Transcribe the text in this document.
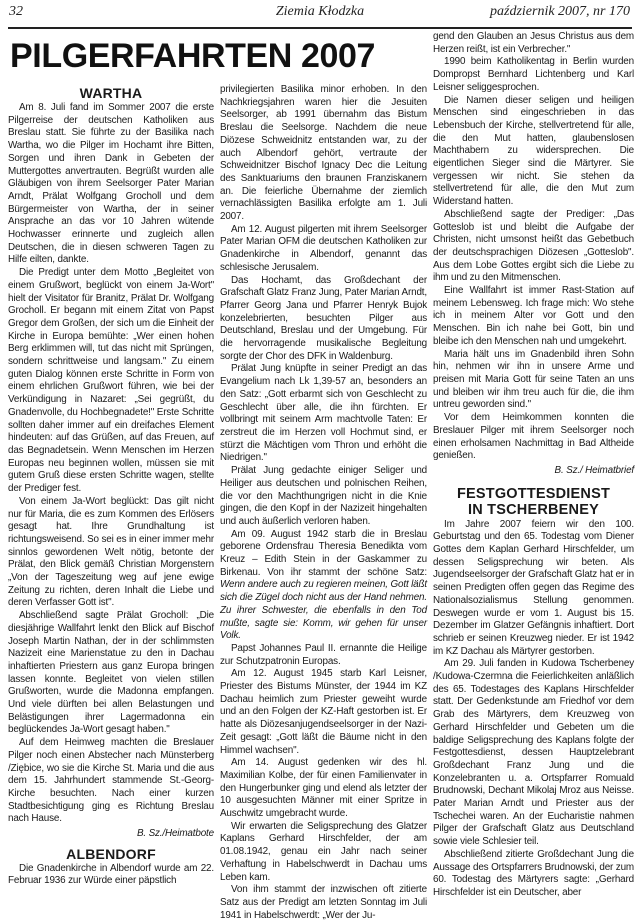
32	Ziemia Kłodzka	październik 2007, nr 170
PILGERFAHRTEN 2007
WARTHA

Am 8. Juli fand im Sommer 2007 die erste Pilgerreise der deutschen Katholiken aus Breslau statt. Sie führte zu der Basilika nach Wartha, wo die Pilger im Hochamt ihre Bitten, Sorgen und ihren Dank in Gebeten der Muttergottes anvertrauten. Begrüßt wurden alle Gläubigen von ihrem Seelsorger Pater Marian Arndt, Prälat Wolfgang Grocholl und dem Bürgermeister von Wartha, der in seiner Ansprache an das vor 10 Jahren wütende Hochwasser erinnerte und zugleich allen Deutschen, die in diesen schweren Tagen zu Hilfe eilten, dankte.

Die Predigt unter dem Motto „Begleitet von einem Grußwort, beglückt von einem Ja-Wort" hielt der Visitator für Branitz, Prälat Dr. Wolfgang Grocholl. Er begann mit einem Zitat von Papst Gregor dem Großen, der sich um die Einheit der Kirche in Europa bemühte: „Wer einen hohen Berg erklimmen will, tut das nicht mit Sprüngen, sondern schrittweise und langsam." Zu einem guten Dialog können erste Schritte in Form von einem ehrlichen Grußwort führen, wie bei der Verkündigung in Nazaret: „Sei gegrüßt, du Gnadenvolle, du Hochbegnadete!" Erste Schritte sollten daher immer auf ein dreifaches Element hindeuten: auf das Grüßen, auf das Freuen, auf das Begnadetsein. Wenn Menschen im Herzen Europas neu beginnen wollen, müssen sie mit gutem Gruß diese ersten Schritte wagen, stellte der Prediger fest.

Von einem Ja-Wort beglückt: Das gilt nicht nur für Maria, die es zum Kommen des Erlösers gesagt hat. Ihre Grundhaltung ist richtungsweisend. So sei es in einer immer mehr sinnlos gewordenen Welt nötig, betonte der Prälat, den Blick gemäß Christian Morgenstern „Von der Tageszeitung weg auf jene ewige Zeitung zu richten, deren Inhalt die Liebe und deren Verfasser Gott ist".

Abschließend sagte Prälat Grocholl: „Die diesjährige Wallfahrt lenkt den Blick auf Bischof Joseph Martin Nathan, der in der schlimmsten Nazizeit eine Marienstatue zu den in Dachau inhaftierten Priestern aus ganz Europa bringen lassen konnte. Begleitet von vielen stillen Grußworten, wurde die Madonna empfangen. Und viele dürften bei allen Belastungen und Belästigungen ihrer Lagermadonna ein beglückendes Ja-Wort gesagt haben."

Auf dem Heimweg machten die Breslauer Pilger noch einen Abstecher nach Münsterberg /Ziębice, wo sie die Kirche St. Maria und die aus dem 15. Jahrhundert stammende St.-Georg-Kirche besuchten. Nach einer kurzen Stadtbesichtigung ging es Richtung Breslau nach Hause.

B. Sz./Heimatbote
ALBENDORF

Die Gnadenkirche in Albendorf wurde am 22. Februar 1936 zur Würde einer päpstlich

privilegierten Basilika minor erhoben. In den Nachkriegsjahren waren hier die Jesuiten Seelsorger, ab 1991 übernahm das Bistum Breslau die Seelsorge. Nachdem die neue Diözese Schweidnitz entstanden war, zu der auch Albendorf gehört, vertraute der Schweidnitzer Bischof Ignacy Dec die Leitung des Sanktuariums den braunen Franziskanern an. Die feierliche Übernahme der ziemlich vernachlässigten Basilika erfolgte am 1. Juli 2007.

Am 12. August pilgerten mit ihrem Seelsorger Pater Marian OFM die deutschen Katholiken zur Gnadenkirche in Albendorf, genannt das schlesische Jerusalem.

Das Hochamt, das Großdechant der Grafschaft Glatz Franz Jung, Pater Marian Arndt, Pfarrer Georg Jana und Pfarrer Henryk Bujok konzelebrierten, besuchten Pilger aus Deutschland, Breslau und der Umgebung. Für die hervorragende musikalische Begleitung sorgte der Chor des DFK in Waldenburg.

Prälat Jung knüpfte in seiner Predigt an das Evangelium nach Lk 1,39-57 an, besonders an den Satz: „Gott erbarmt sich von Geschlecht zu Geschlecht über alle, die ihn fürchten. Er vollbringt mit seinem Arm machtvolle Taten: Er zerstreut die im Herzen voll Hochmut sind, er stürzt die Mächtigen vom Thron und erhöht die Niedrigen."

Prälat Jung gedachte einiger Seliger und Heiliger aus deutschen und polnischen Reihen, die vor den Machthungrigen nicht in die Knie gingen, die den Kopf in der Nazizeit hingehalten und auch äußerlich verloren haben.

Am 09. August 1942 starb die in Breslau geborene Ordensfrau Theresia Benedikta vom Kreuz – Edith Stein in der Gaskammer zu Birkenau. Von ihr stammt der schöne Satz: Wenn andere auch zu regieren meinen, Gott läßt sich die Zügel doch nicht aus der Hand nehmen. Zu ihrer Schwester, die ebenfalls in den Tod mußte, sagte sie: Komm, wir gehen für unser Volk.

Papst Johannes Paul II. ernannte die Heilige zur Schutzpatronin Europas.

Am 12. August 1945 starb Karl Leisner, Priester des Bistums Münster, der 1944 im KZ Dachau heimlich zum Priester geweiht wurde und an den Folgen der KZ-Haft gestorben ist. Er hatte als Diözesanjugendseelsorger in der Nazi-Zeit gesagt: „Gott läßt die Bäume nicht in den Himmel wachsen".

Am 14. August gedenken wir des hl. Maximilian Kolbe, der für einen Familienvater in den Hungerbunker ging und elend als letzter der 10 ausgesuchten Männer mit einer Spritze in Auschwitz umgebracht wurde.

Wir erwarten die Seligsprechung des Glatzer Kaplans Gerhard Hirschfelder, der am 01.08.1942, genau ein Jahr nach seiner Verhaftung in Habelschwerdt in Dachau ums Leben kam.

Von ihm stammt der inzwischen oft zitierte Satz aus der Predigt am letzten Sonntag im Juli 1941 in Habelschwerdt: „Wer der Ju-

gend den Glauben an Jesus Christus aus dem Herzen reißt, ist ein Verbrecher."

1990 beim Katholikentag in Berlin wurden Dompropst Bernhard Lichtenberg und Karl Leisner seliggesprochen.

Die Namen dieser seligen und heiligen Menschen sind eingeschrieben in das Lebensbuch der Kirche, stellvertretend für alle, die den Mut hatten, glaubenslosen Machthabern zu widersprechen. Die eigentlichen Sieger sind die Märtyrer. Sie vergessen wir nicht. Sie stehen da stellvertretend für alle, die den Mut zum Widerstand hatten.

Abschließend sagte der Prediger: „Das Gotteslob ist und bleibt die Aufgabe der Christen, nicht umsonst heißt das Gebetbuch der deutschsprachigen Diözesen „Gotteslob". Aus dem Lobe Gottes ergibt sich die Liebe zu ihm und zu den Mitmenschen.

Eine Wallfahrt ist immer Rast-Station auf meinem Lebensweg. Ich frage mich: Wo stehe ich in meinem Alter vor Gott und den Menschen. Bin ich nahe bei Gott, bin und bleibe ich den Menschen nah und umgekehrt.

Maria hält uns im Gnadenbild ihren Sohn hin, nehmen wir ihn in unsere Arme und preisen mit Maria Gott für seine Taten an uns und bleiben wir ihm treu auch für die, die ihm untreu geworden sind."

Vor dem Heimkommen konnten die Breslauer Pilger mit ihrem Seelsorger noch einen erholsamen Nachmittag in Bad Altheide genießen.

B. Sz./ Heimatbrief
FESTGOTTESDIENST
IN TSCHERBENEY

Im Jahre 2007 feiern wir den 100. Geburtstag und den 65. Todestag vom Diener Gottes dem Kaplan Gerhard Hirschfelder, um dessen Seligsprechung wir beten. Als Jugendseelsorger der Grafschaft Glatz hat er in seinen Predigten offen gegen das Regime des Nationalsozialismus Stellung genommen. Deswegen wurde er vom 1. August bis 15. Dezember im Glatzer Gefängnis inhaftiert. Dort schrieb er seinen Kreuzweg nieder. Er ist 1942 im KZ Dachau als Märtyrer gestorben.

Am 29. Juli fanden in Kudowa Tscherbeney /Kudowa-Czermna die Feierlichkeiten anläßlich des 65. Todestages des Kaplans Hirschfelder statt. Der Gedenkstunde am Friedhof vor dem Grab des Märtyrers, dem Kreuzweg von Gerhard Hirschfelder und Gebeten um die baldige Seligsprechung des Kaplans folgte der Festgottesdienst, dessen Hauptzelebrant Großdechant Franz Jung und die Konzelebranten u. a. Ortspfarrer Romuald Brudnowski, Dechant Mikolaj Mroz aus Neisse. Pater Marian Arndt und Priester aus der Tschechei waren. An der Eucharistie nahmen Pilger der Grafschaft Glatz aus Deutschland sowie viele Schlesier teil.

Abschließend zitierte Großdechant Jung die Aussage des Ortspfarrers Brudnowski, der zum 60. Todestag des Märtyrers sagte: „Gerhard Hirschfelder ist ein Deutscher, aber
